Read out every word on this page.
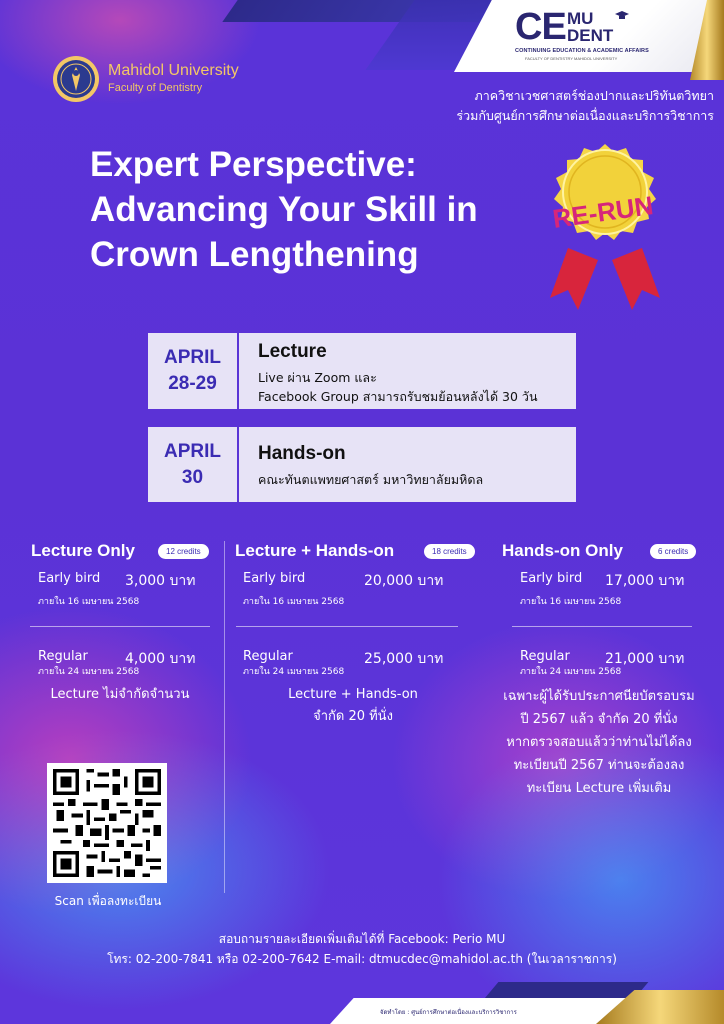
CE MU
DENT
CONTINUING EDUCATION & ACADEMIC AFFAIRS
FACULTY OF DENTISTRY MAHIDOL UNIVERSITY
Mahidol University
Faculty of Dentistry	ภาควิชาเวชศาสตร์ช่องปากและปริทันตวิทยา
ร่วมกับศูนย์การศึกษาต่อเนื่องและบริการวิชาการ
Expert Perspective:
Advancing Your Skill in
Crown Lengthening
RE-RUN
APRIL
28-29
Lecture
Live ผ่าน Zoom และ
Facebook Group สามารถรับชมย้อนหลังได้ 30 วัน
APRIL
30
Hands-on
คณะทันตแพทยศาสตร์ มหาวิทยาลัยมหิดล
Lecture Only	12 credits
Early bird 3,000 บาท
ภายใน 16 เมษายน 2568
Regular	4,000 บาท
ภายใน 24 เมษายน 2568
Lecture ไม่จำกัดจำนวน
Lecture + Hands-on	18 credits
Early bird	20,000 บาท
ภายใน 16 เมษายน 2568
Regular	25,000 บาท
ภายใน 24 เมษายน 2568
Lecture + Hands-on
จำกัด 20 ที่นั่ง
Hands-on Only	6 credits
Early bird 17,000 บาท
ภายใน 16 เมษายน 2568
Regular	21,000 บาท
ภายใน 24 เมษายน 2568
เฉพาะผู้ได้รับประกาศนียบัตรอบรม
ปี 2567 แล้ว จำกัด 20 ที่นั่ง
หากตรวจสอบแล้วว่าท่านไม่ได้ลง
ทะเบียนปี 2567 ท่านจะต้องลง
ทะเบียน Lecture เพิ่มเติม
Scan เพื่อลงทะเบียน
สอบถามรายละเอียดเพิ่มเติมได้ที่ Facebook: Perio MU
โทร: 02-200-7841 หรือ 02-200-7642 E-mail: dtmucdec@mahidol.ac.th (ในเวลาราชการ)
จัดทำโดย : ศูนย์การศึกษาต่อเนื่องและบริการวิชาการ
